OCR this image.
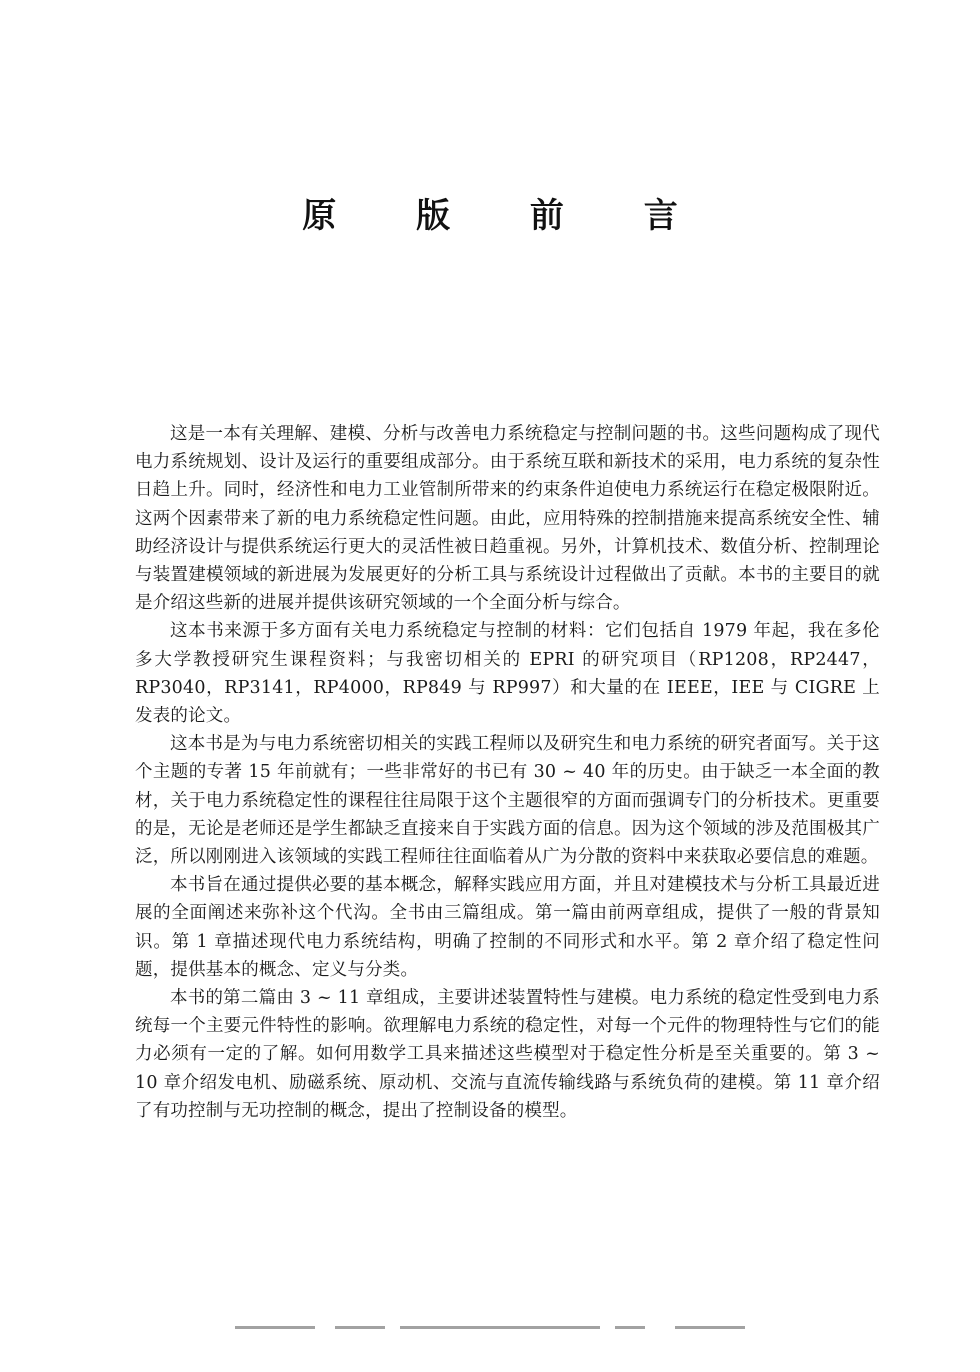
原 版 前 言

这是一本有关理解、建模、分析与改善电力系统稳定与控制问题的书。这些问题构成了现代电力系统规划、设计及运行的重要组成部分。由于系统互联和新技术的采用，电力系统的复杂性日趋上升。同时，经济性和电力工业管制所带来的约束条件迫使电力系统运行在稳定极限附近。这两个因素带来了新的电力系统稳定性问题。由此，应用特殊的控制措施来提高系统安全性、辅助经济设计与提供系统运行更大的灵活性被日趋重视。另外，计算机技术、数值分析、控制理论与装置建模领域的新进展为发展更好的分析工具与系统设计过程做出了贡献。本书的主要目的就是介绍这些新的进展并提供该研究领域的一个全面分析与综合。

这本书来源于多方面有关电力系统稳定与控制的材料：它们包括自 1979 年起，我在多伦多大学教授研究生课程资料；与我密切相关的 EPRI 的研究项目（RP1208，RP2447，RP3040，RP3141，RP4000，RP849 与 RP997）和大量的在 IEEE，IEE 与 CIGRE 上发表的论文。

这本书是为与电力系统密切相关的实践工程师以及研究生和电力系统的研究者面写。关于这个主题的专著 15 年前就有；一些非常好的书已有 30 ~ 40 年的历史。由于缺乏一本全面的教材，关于电力系统稳定性的课程往往局限于这个主题很窄的方面而强调专门的分析技术。更重要的是，无论是老师还是学生都缺乏直接来自于实践方面的信息。因为这个领域的涉及范围极其广泛，所以刚刚进入该领域的实践工程师往往面临着从广为分散的资料中来获取必要信息的难题。

本书旨在通过提供必要的基本概念，解释实践应用方面，并且对建模技术与分析工具最近进展的全面阐述来弥补这个代沟。全书由三篇组成。第一篇由前两章组成，提供了一般的背景知识。第 1 章描述现代电力系统结构，明确了控制的不同形式和水平。第 2 章介绍了稳定性问题，提供基本的概念、定义与分类。

本书的第二篇由 3 ~ 11 章组成，主要讲述装置特性与建模。电力系统的稳定性受到电力系统每一个主要元件特性的影响。欲理解电力系统的稳定性，对每一个元件的物理特性与它们的能力必须有一定的了解。如何用数学工具来描述这些模型对于稳定性分析是至关重要的。第 3 ~ 10 章介绍发电机、励磁系统、原动机、交流与直流传输线路与系统负荷的建模。第 11 章介绍了有功控制与无功控制的概念，提出了控制设备的模型。
